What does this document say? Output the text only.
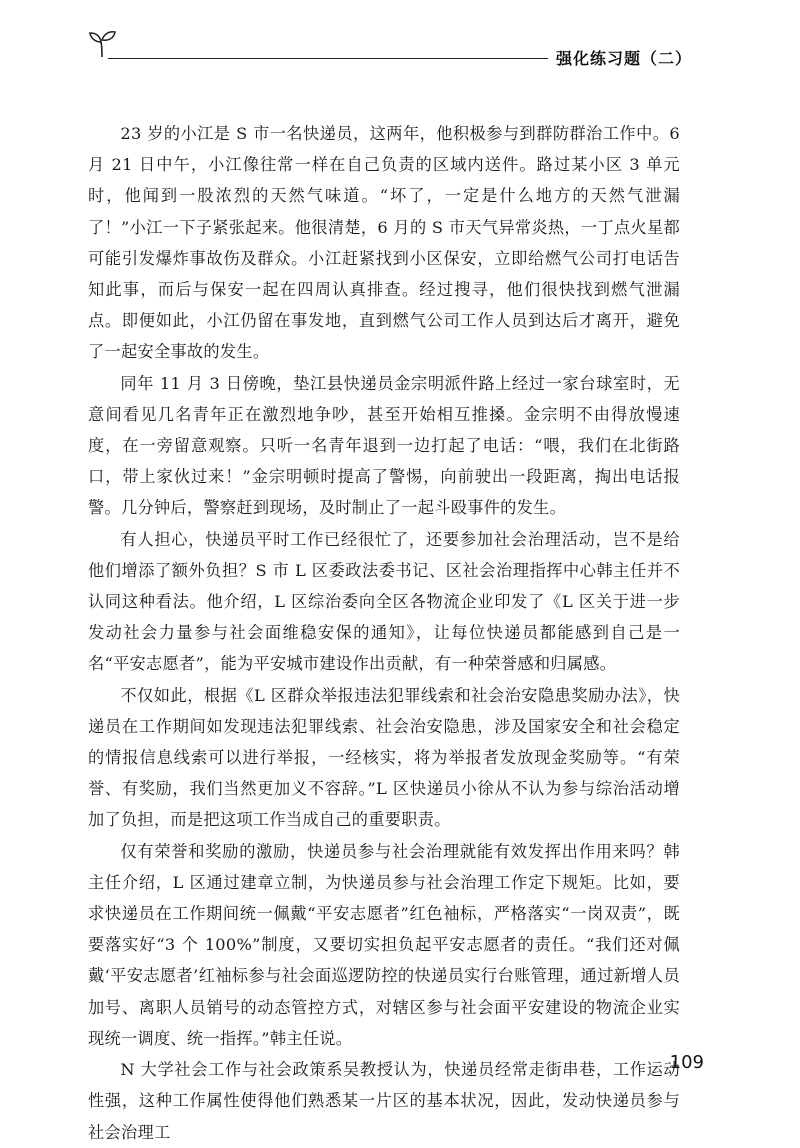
强化练习题（二）

23 岁的小江是 S 市一名快递员，这两年，他积极参与到群防群治工作中。6 月 21 日中午，小江像往常一样在自己负责的区域内送件。路过某小区 3 单元时，他闻到一股浓烈的天然气味道。“坏了，一定是什么地方的天然气泄漏了！”小江一下子紧张起来。他很清楚，6 月的 S 市天气异常炎热，一丁点火星都可能引发爆炸事故伤及群众。小江赶紧找到小区保安，立即给燃气公司打电话告知此事，而后与保安一起在四周认真排查。经过搜寻，他们很快找到燃气泄漏点。即便如此，小江仍留在事发地，直到燃气公司工作人员到达后才离开，避免了一起安全事故的发生。

同年 11 月 3 日傍晚，垫江县快递员金宗明派件路上经过一家台球室时，无意间看见几名青年正在激烈地争吵，甚至开始相互推搡。金宗明不由得放慢速度，在一旁留意观察。只听一名青年退到一边打起了电话：“喂，我们在北街路口，带上家伙过来！”金宗明顿时提高了警惕，向前驶出一段距离，掏出电话报警。几分钟后，警察赶到现场，及时制止了一起斗殴事件的发生。

有人担心，快递员平时工作已经很忙了，还要参加社会治理活动，岂不是给他们增添了额外负担？S 市 L 区委政法委书记、区社会治理指挥中心韩主任并不认同这种看法。他介绍，L 区综治委向全区各物流企业印发了《L 区关于进一步发动社会力量参与社会面维稳安保的通知》，让每位快递员都能感到自己是一名“平安志愿者”，能为平安城市建设作出贡献，有一种荣誉感和归属感。

不仅如此，根据《L 区群众举报违法犯罪线索和社会治安隐患奖励办法》，快递员在工作期间如发现违法犯罪线索、社会治安隐患，涉及国家安全和社会稳定的情报信息线索可以进行举报，一经核实，将为举报者发放现金奖励等。“有荣誉、有奖励，我们当然更加义不容辞。”L 区快递员小徐从不认为参与综治活动增加了负担，而是把这项工作当成自己的重要职责。

仅有荣誉和奖励的激励，快递员参与社会治理就能有效发挥出作用来吗？韩主任介绍，L 区通过建章立制，为快递员参与社会治理工作定下规矩。比如，要求快递员在工作期间统一佩戴“平安志愿者”红色袖标，严格落实“一岗双责”，既要落实好“3 个 100%”制度，又要切实担负起平安志愿者的责任。“我们还对佩戴‘平安志愿者’红袖标参与社会面巡逻防控的快递员实行台账管理，通过新增人员加号、离职人员销号的动态管控方式，对辖区参与社会面平安建设的物流企业实现统一调度、统一指挥。”韩主任说。

N 大学社会工作与社会政策系吴教授认为，快递员经常走街串巷，工作运动性强，这种工作属性使得他们熟悉某一片区的基本状况，因此，发动快递员参与社会治理工

109
